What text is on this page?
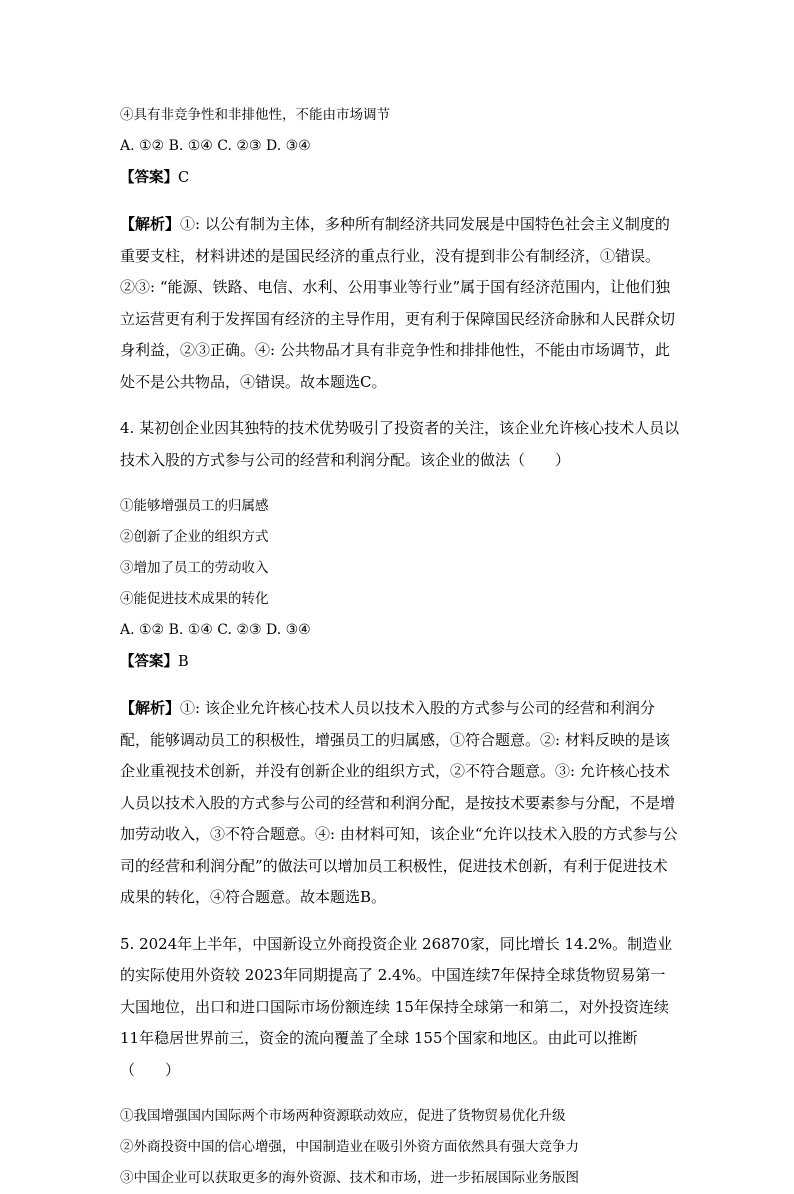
④具有非竞争性和非排他性，不能由市场调节

A. ①② B. ①④ C. ②③ D. ③④

【答案】C

【解析】①: 以公有制为主体，多种所有制经济共同发展是中国特色社会主义制度的重要支柱，材料讲述的是国民经济的重点行业，没有提到非公有制经济，①错误。②③: “能源、铁路、电信、水利、公用事业等行业”属于国有经济范围内，让他们独立运营更有利于发挥国有经济的主导作用，更有利于保障国民经济命脉和人民群众切身利益，②③正确。④: 公共物品才具有非竞争性和排排他性，不能由市场调节，此处不是公共物品，④错误。故本题选C。

4. 某初创企业因其独特的技术优势吸引了投资者的关注，该企业允许核心技术人员以技术入股的方式参与公司的经营和利润分配。该企业的做法（　　）

①能够增强员工的归属感

②创新了企业的组织方式

③增加了员工的劳动收入

④能促进技术成果的转化

A. ①② B. ①④ C. ②③ D. ③④

【答案】B

【解析】①: 该企业允许核心技术人员以技术入股的方式参与公司的经营和利润分配，能够调动员工的积极性，增强员工的归属感，①符合题意。②: 材料反映的是该企业重视技术创新，并没有创新企业的组织方式，②不符合题意。③: 允许核心技术人员以技术入股的方式参与公司的经营和利润分配，是按技术要素参与分配，不是增加劳动收入，③不符合题意。④: 由材料可知，该企业“允许以技术入股的方式参与公司的经营和利润分配”的做法可以增加员工积极性，促进技术创新，有利于促进技术成果的转化，④符合题意。故本题选B。

5. 2024年上半年，中国新设立外商投资企业 26870家，同比增长 14.2%。制造业的实际使用外资较 2023年同期提高了 2.4%。中国连续7年保持全球货物贸易第一大国地位，出口和进口国际市场份额连续 15年保持全球第一和第二，对外投资连续 11年稳居世界前三，资金的流向覆盖了全球 155个国家和地区。由此可以推断（　　）

①我国增强国内国际两个市场两种资源联动效应，促进了货物贸易优化升级

②外商投资中国的信心增强，中国制造业在吸引外资方面依然具有强大竞争力

③中国企业可以获取更多的海外资源、技术和市场，进一步拓展国际业务版图
